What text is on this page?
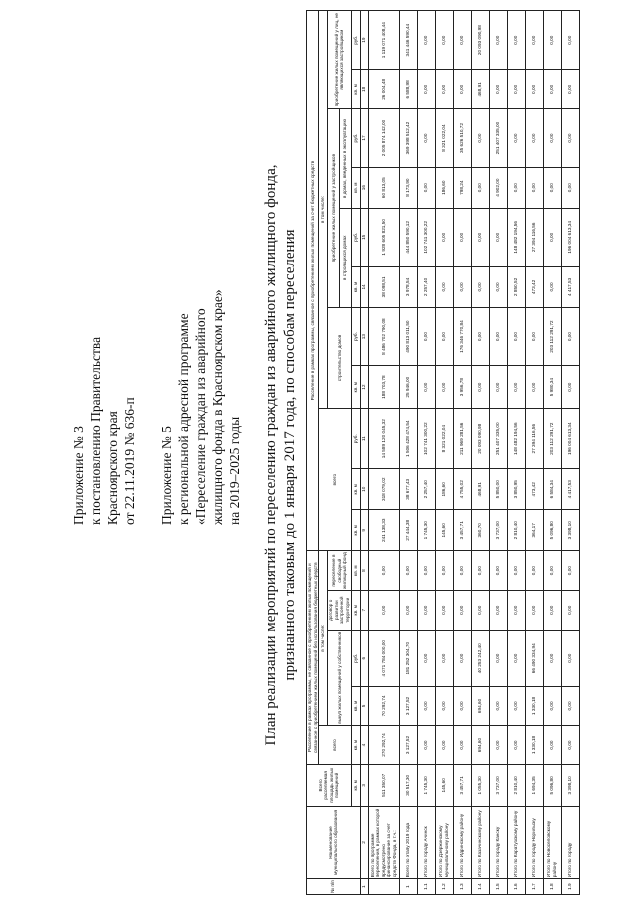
Приложение № 3 к постановлению Правительства Красноярского края от 22.11.2019 № 636-п Приложение № 5 к региональной адресной программе «Переселение граждан из аварийного жилищного фонда в Красноярском крае» на 2019–2025 годы План реализации мероприятий по переселению граждан из аварийного жилищного фонда, признанного таковым до 1 января 2017 года, по способам переселения
№ п/п	Наименование муниципального образования	Всего расселяемая площадь жилых помещений	Расселение в рамках программы, не связанное с приобретением жилых помещений и связанное с приобретением жилых помещений без использования бюджетных средств					Расселение в рамках программы, связанное с приобретением жилых помещений за счет бюджетных средств										
			всего	в том числе:				всего			в том числе:							
				выкуп жилых помещений у собственников		договор о развитии застроенной территории	переселение в свободный жилищный фонд				строительство домов		приобретение жилых помещений у застройщиков				приобретение жилых помещений у лиц, не являющихся застройщиком	
													в строящихся домах		в домах, введенных в эксплуатацию			
		кв. м	кв. м	кв. м	руб.	кв. м	кв. м	кв. м	кв. м	руб.	кв. м	руб.	кв. м	руб.	кв. м	руб.	кв. м	руб.
1	2	3	4	5	6	7	8	9	10	11	12	13	14	15	16	17	18	19
	Всего по программе переселения, в рамках которой предусмотрено финансирование за счет средств Фонда, в т.ч.:	511 350,07	270 292,74	70 292,74	4 071 784 000,00	0,00	0,00	241 138,33	318 079,02	14 589 120 045,32	188 703,78	8 486 702 790,08	38 098,51	1 928 605 821,50	60 813,05	2 005 874 142,00	26 004,48	1 119 071 408,44
1	Всего по этапу 2019 года	30 517,30	3 127,52	3 127,52	181 252 304,70	0,00	0,00	27 444,38	38 677,43	1 506 428 474,54	25 946,00	490 813 011,50	3 978,54	444 850 590,12	8 173,90	369 398 512,42	6 588,98	341 446 590,44
1.1	Итого по городу Ачинск	1 745,30	0,00	0,00	0,00	0,00	0,00	1 745,30	2 257,40	102 741 300,22	0,00	0,00	2 257,40	102 741 300,22	0,00	0,00	0,00	0,00
1.2	Итого по Дзержинскому муниципальному району	145,60	0,00	0,00	0,00	0,00	0,00	145,60	186,60	8 321 022,04	0,00	0,00	0,00	0,00	186,60	8 321 022,04	0,00	0,00
1.3	Итого по Идринскому району	3 457,71	0,00	0,00	0,00	0,00	0,00	3 457,71	4 755,02	211 969 281,56	3 956,78	176 346 770,84	0,00	0,00	798,24	35 626 510,72	0,00	0,00
1.4	Итого по Казачинскому району	1 055,30	694,60	694,60	40 253 242,40	0,00	0,00	360,70	468,91	20 093 090,98	0,00	0,00	0,00	0,00	0,00	0,00	468,91	20 093 090,98
1.5	Итого по городу Канску	3 737,00	0,00	0,00	0,00	0,00	0,00	3 737,00	5 850,00	251 407 335,00	0,00	0,00	0,00	0,00	4 902,00	251 407 335,00	0,00	0,00
1.6	Итого по Каратузскому району	2 810,40	0,00	0,00	0,00	0,00	0,00	2 810,40	3 850,95	148 482 194,56	0,00	0,00	2 850,52	148 482 194,56	0,00	0,00	0,00	0,00
1.7	Итого по городу Норильску	1 694,35	1 330,18	1 330,18	66 490 334,94	0,00	0,00	364,17	473,42	27 394 116,56	0,00	0,00	473,42	27 394 116,56	0,00	0,00	0,00	0,00
1.8	Итого по Новоселовскому району	5 096,80	0,00	0,00	0,00	0,00	0,00	5 096,80	6 584,34	203 112 291,72	5 980,34	203 112 291,72	0,00	0,00	0,00	0,00	0,00	0,00
1.9	Итого по городу	3 398,10	0,00	0,00	0,00	0,00	0,00	3 398,10	4 417,53	196 004 613,34	0,00	0,00	4 417,53	196 004 613,34	0,00	0,00	0,00	0,00
